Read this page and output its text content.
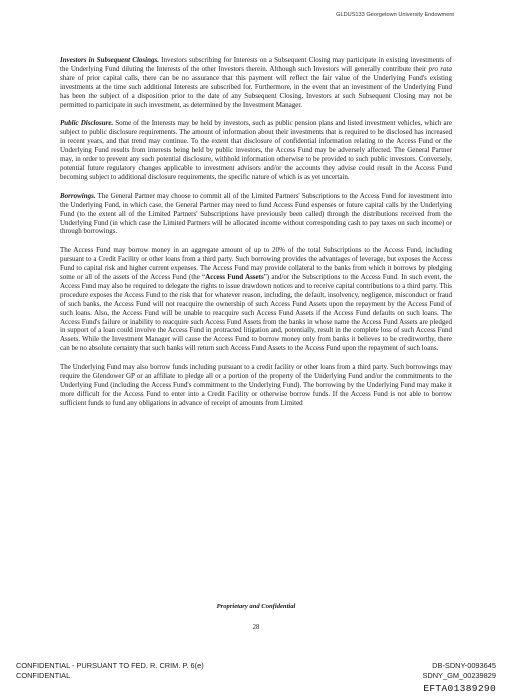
GLDUS133 Georgetown University Endowment

Investors in Subsequent Closings. Investors subscribing for Interests on a Subsequent Closing may participate in existing investments of the Underlying Fund diluting the Interests of the other Investors therein. Although such Investors will generally contribute their pro rata share of prior capital calls, there can be no assurance that this payment will reflect the fair value of the Underlying Fund's existing investments at the time such additional Interests are subscribed for. Furthermore, in the event that an investment of the Underlying Fund has been the subject of a disposition prior to the date of any Subsequent Closing, Investors at such Subsequent Closing may not be permitted to participate in such investment, as determined by the Investment Manager.

Public Disclosure. Some of the Interests may be held by investors, such as public pension plans and listed investment vehicles, which are subject to public disclosure requirements. The amount of information about their investments that is required to be disclosed has increased in recent years, and that trend may continue. To the extent that disclosure of confidential information relating to the Access Fund or the Underlying Fund results from interests being held by public investors, the Access Fund may be adversely affected. The General Partner may, in order to prevent any such potential disclosure, withhold information otherwise to be provided to such public investors. Conversely, potential future regulatory changes applicable to investment advisors and/or the accounts they advise could result in the Access Fund becoming subject to additional disclosure requirements, the specific nature of which is as yet uncertain.

Borrowings. The General Partner may choose to commit all of the Limited Partners' Subscriptions to the Access Fund for investment into the Underlying Fund, in which case, the General Partner may need to fund Access Fund expenses or future capital calls by the Underlying Fund (to the extent all of the Limited Partners' Subscriptions have previously been called) through the distributions received from the Underlying Fund (in which case the Limited Partners will be allocated income without corresponding cash to pay taxes on such income) or through borrowings.

The Access Fund may borrow money in an aggregate amount of up to 20% of the total Subscriptions to the Access Fund, including pursuant to a Credit Facility or other loans from a third party. Such borrowing provides the advantages of leverage, but exposes the Access Fund to capital risk and higher current expenses. The Access Fund may provide collateral to the banks from which it borrows by pledging some or all of the assets of the Access Fund (the “Access Fund Assets”) and/or the Subscriptions to the Access Fund. In such event, the Access Fund may also be required to delegate the rights to issue drawdown notices and to receive capital contributions to a third party. This procedure exposes the Access Fund to the risk that for whatever reason, including, the default, insolvency, negligence, misconduct or fraud of such banks, the Access Fund will not reacquire the ownership of such Access Fund Assets upon the repayment by the Access Fund of such loans. Also, the Access Fund will be unable to reacquire such Access Fund Assets if the Access Fund defaults on such loans. The Access Fund's failure or inability to reacquire such Access Fund Assets from the banks in whose name the Access Fund Assets are pledged in support of a loan could involve the Access Fund in protracted litigation and, potentially, result in the complete loss of such Access Fund Assets. While the Investment Manager will cause the Access Fund to borrow money only from banks it believes to be creditworthy, there can be no absolute certainty that such banks will return such Access Fund Assets to the Access Fund upon the repayment of such loans.

The Underlying Fund may also borrow funds including pursuant to a credit facility or other loans from a third party. Such borrowings may require the Glendower GP or an affiliate to pledge all or a portion of the property of the Underlying Fund and/or the commitments to the Underlying Fund (including the Access Fund's commitment to the Underlying Fund). The borrowing by the Underlying Fund may make it more difficult for the Access Fund to enter into a Credit Facility or otherwise borrow funds. If the Access Fund is not able to borrow sufficient funds to fund any obligations in advance of receipt of amounts from Limited

Proprietary and Confidential
28
CONFIDENTIAL - PURSUANT TO FED. R. CRIM. P. 6(e)
CONFIDENTIAL
DB-SDNY-0093645
SDNY_GM_00239829
EFTA01389290
